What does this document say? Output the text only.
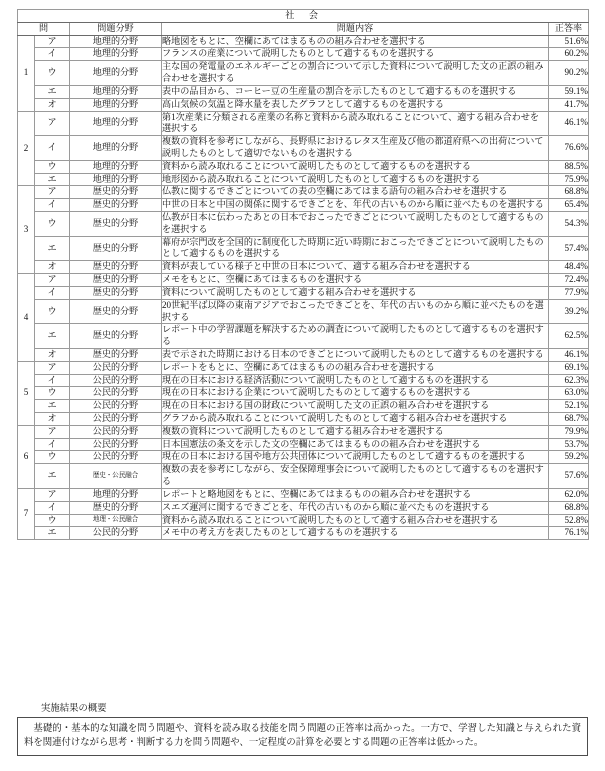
社　会				
問		問題分野	問題内容	正答率
1	ア	地理的分野	略地図をもとに、空欄にあてはまるものの組み合わせを選択する	51.6%
	イ	地理的分野	フランスの産業について説明したものとして適するものを選択する	60.2%
	ウ	地理的分野	主な国の発電量のエネルギーごとの割合について示した資料について説明した文の正誤の組み合わせを選択する	90.2%
	エ	地理的分野	表中の品目から、コーヒー豆の生産量の割合を示したものとして適するものを選択する	59.1%
	オ	地理的分野	高山気候の気温と降水量を表したグラフとして適するものを選択する	41.7%
2	ア	地理的分野	第1次産業に分類される産業の名称と資料から読み取れることについて、適する組み合わせを選択する	46.1%
	イ	地理的分野	複数の資料を参考にしながら、長野県におけるレタス生産及び他の都道府県への出荷について説明したものとして適切でないものを選択する	76.6%
	ウ	地理的分野	資料から読み取れることについて説明したものとして適するものを選択する	88.5%
	エ	地理的分野	地形図から読み取れることについて説明したものとして適するものを選択する	75.9%
3	ア	歴史的分野	仏教に関するできごとについての表の空欄にあてはまる語句の組み合わせを選択する	68.8%
	イ	歴史的分野	中世の日本と中国の関係に関するできごとを、年代の古いものから順に並べたものを選択する	65.4%
	ウ	歴史的分野	仏教が日本に伝わったあとの日本でおこったできごとについて説明したものとして適するものを選択する	54.3%
	エ	歴史的分野	幕府が宗門改を全国的に制度化した時期に近い時期におこったできごとについて説明したものとして適するものを選択する	57.4%
	オ	歴史的分野	資料が表している様子と中世の日本について、適する組み合わせを選択する	48.4%
4	ア	歴史的分野	メモをもとに、空欄にあてはまるものを選択する	72.4%
	イ	歴史的分野	資料について説明したものとして適する組み合わせを選択する	77.9%
	ウ	歴史的分野	20世紀半ば以降の東南アジアでおこったできごとを、年代の古いものから順に並べたものを選択する	39.2%
	エ	歴史的分野	レポート中の学習課題を解決するための調査について説明したものとして適するものを選択する	62.5%
	オ	歴史的分野	表で示された時期における日本のできごとについて説明したものとして適するものを選択する	46.1%
5	ア	公民的分野	レポートをもとに、空欄にあてはまるものの組み合わせを選択する	69.1%
	イ	公民的分野	現在の日本における経済活動について説明したものとして適するものを選択する	62.3%
	ウ	公民的分野	現在の日本における企業について説明したものとして適するものを選択する	63.0%
	エ	公民的分野	現在の日本における国の財政について説明した文の正誤の組み合わせを選択する	52.1%
	オ	公民的分野	グラフから読み取れることについて説明したものとして適する組み合わせを選択する	68.7%
6	ア	公民的分野	複数の資料について説明したものとして適する組み合わせを選択する	79.9%
	イ	公民的分野	日本国憲法の条文を示した文の空欄にあてはまるものの組み合わせを選択する	53.7%
	ウ	公民的分野	現在の日本における国や地方公共団体について説明したものとして適するものを選択する	59.2%
	エ	歴史・公民融合	複数の表を参考にしながら、安全保障理事会について説明したものとして適するものを選択する	57.6%
7	ア	地理的分野	レポートと略地図をもとに、空欄にあてはまるものの組み合わせを選択する	62.0%
	イ	歴史的分野	スエズ運河に関するできごとを、年代の古いものから順に並べたものを選択する	68.8%
	ウ	地理・公民融合	資料から読み取れることについて説明したものとして適する組み合わせを選択する	52.8%
	エ	公民的分野	メモ中の考え方を表したものとして適するものを選択する	76.1%
実施結果の概要

基礎的・基本的な知識を問う問題や、資料を読み取る技能を問う問題の正答率は高かった。一方で、学習した知識と与えられた資料を関連付けながら思考・判断する力を問う問題や、一定程度の計算を必要とする問題の正答率は低かった。
